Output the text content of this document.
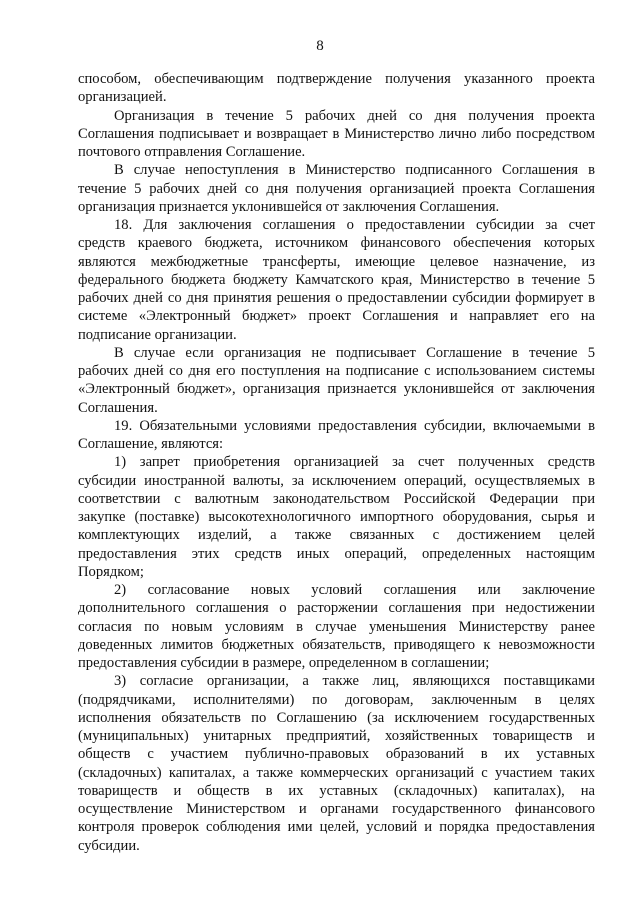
8
способом, обеспечивающим подтверждение получения указанного проекта
организацией.
Организация в течение 5 рабочих дней со дня получения проекта
Соглашения подписывает и возвращает в Министерство лично либо посредством
почтового отправления Соглашение.
В случае непоступления в Министерство подписанного Соглашения в
течение 5 рабочих дней со дня получения организацией проекта Соглашения
организация признается уклонившейся от заключения Соглашения.
18. Для заключения соглашения о предоставлении субсидии за счет
средств краевого бюджета, источником финансового обеспечения которых
являются межбюджетные трансферты, имеющие целевое назначение, из
федерального бюджета бюджету Камчатского края, Министерство в течение 5
рабочих дней со дня принятия решения о предоставлении субсидии формирует в
системе «Электронный бюджет» проект Соглашения и направляет его на
подписание организации.
В случае если организация не подписывает Соглашение в течение 5
рабочих дней со дня его поступления на подписание с использованием системы
«Электронный бюджет», организация признается уклонившейся от заключения
Соглашения.
19. Обязательными условиями предоставления субсидии, включаемыми в
Соглашение, являются:
1) запрет приобретения организацией за счет полученных средств
субсидии иностранной валюты, за исключением операций, осуществляемых в
соответствии с валютным законодательством Российской Федерации при
закупке (поставке) высокотехнологичного импортного оборудования, сырья и
комплектующих изделий, а также связанных с достижением целей
предоставления этих средств иных операций, определенных настоящим
Порядком;
2) согласование новых условий соглашения или заключение
дополнительного соглашения о расторжении соглашения при недостижении
согласия по новым условиям в случае уменьшения Министерству ранее
доведенных лимитов бюджетных обязательств, приводящего к невозможности
предоставления субсидии в размере, определенном в соглашении;
3) согласие организации, а также лиц, являющихся поставщиками
(подрядчиками, исполнителями) по договорам, заключенным в целях
исполнения обязательств по Соглашению (за исключением государственных
(муниципальных) унитарных предприятий, хозяйственных товариществ и
обществ с участием публично-правовых образований в их уставных
(складочных) капиталах, а также коммерческих организаций с участием таких
товариществ и обществ в их уставных (складочных) капиталах), на
осуществление Министерством и органами государственного финансового
контроля проверок соблюдения ими целей, условий и порядка предоставления
субсидии.
